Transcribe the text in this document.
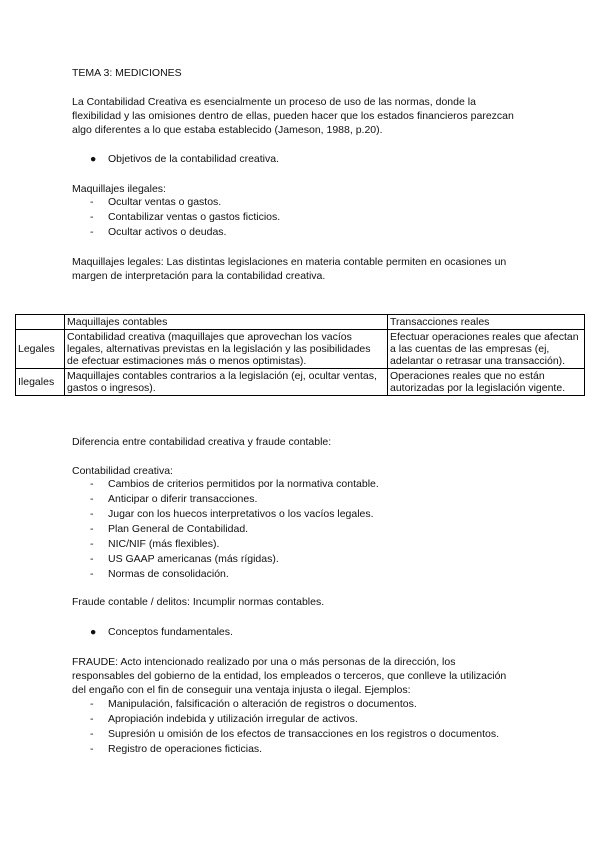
TEMA 3: MEDICIONES
La Contabilidad Creativa es esencialmente un proceso de uso de las normas, donde la flexibilidad y las omisiones dentro de ellas, pueden hacer que los estados financieros parezcan algo diferentes a lo que estaba establecido (Jameson, 1988, p.20).
● Objetivos de la contabilidad creativa.
Maquillajes ilegales:
- Ocultar ventas o gastos.
- Contabilizar ventas o gastos ficticios.
- Ocultar activos o deudas.
Maquillajes legales: Las distintas legislaciones en materia contable permiten en ocasiones un margen de interpretación para la contabilidad creativa.
	Maquillajes contables	Transacciones reales
Legales	Contabilidad creativa (maquillajes que aprovechan los vacíos legales, alternativas previstas en la legislación y las posibilidades de efectuar estimaciones más o menos optimistas).	Efectuar operaciones reales que afectan a las cuentas de las empresas (ej, adelantar o retrasar una transacción).
Ilegales	Maquillajes contables contrarios a la legislación (ej, ocultar ventas, gastos o ingresos).	Operaciones reales que no están autorizadas por la legislación vigente.
Diferencia entre contabilidad creativa y fraude contable:
Contabilidad creativa:
- Cambios de criterios permitidos por la normativa contable.
- Anticipar o diferir transacciones.
- Jugar con los huecos interpretativos o los vacíos legales.
- Plan General de Contabilidad.
- NIC/NIF (más flexibles).
- US GAAP americanas (más rígidas).
- Normas de consolidación.
Fraude contable / delitos: Incumplir normas contables.
● Conceptos fundamentales.
FRAUDE: Acto intencionado realizado por una o más personas de la dirección, los responsables del gobierno de la entidad, los empleados o terceros, que conlleve la utilización del engaño con el fin de conseguir una ventaja injusta o ilegal. Ejemplos:
- Manipulación, falsificación o alteración de registros o documentos.
- Apropiación indebida y utilización irregular de activos.
- Supresión u omisión de los efectos de transacciones en los registros o documentos.
- Registro de operaciones ficticias.
